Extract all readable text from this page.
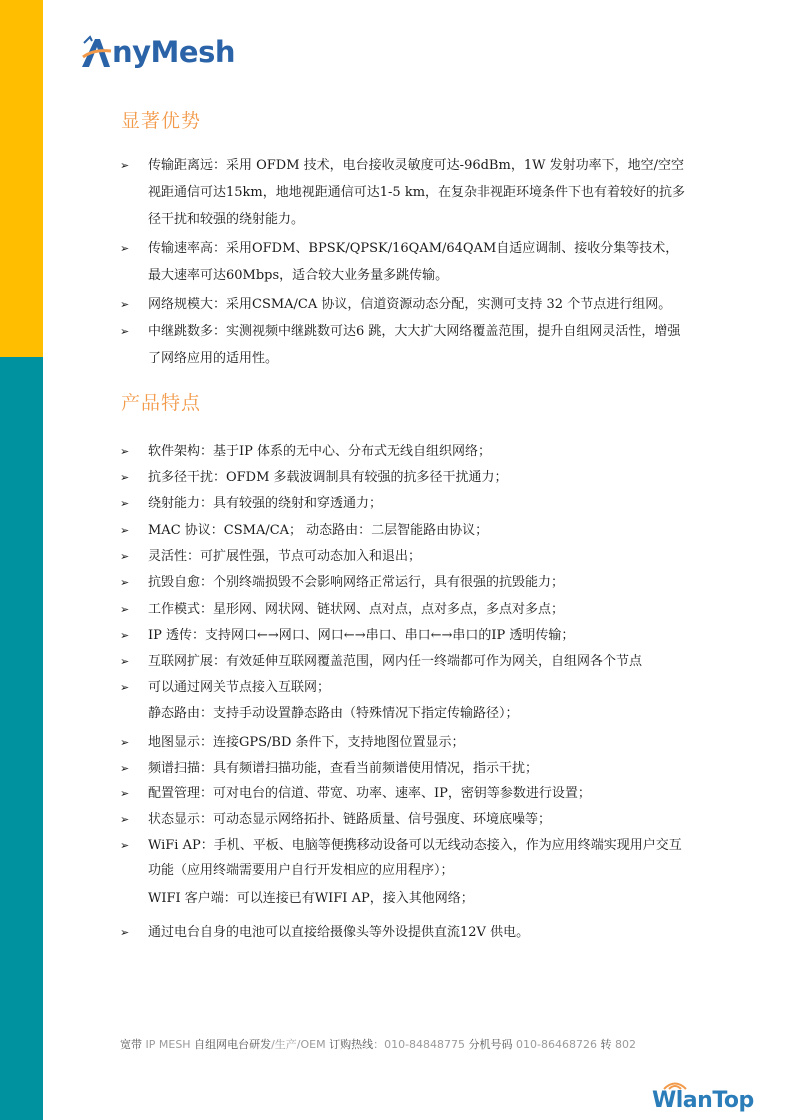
nyMesh
显著优势
➢ 传输距离远：采用 OFDM 技术，电台接收灵敏度可达-96dBm，1W 发射功率下，地空/空空视距通信可达15km，地地视距通信可达1-5 km，在复杂非视距环境条件下也有着较好的抗多径干扰和较强的绕射能力。
➢ 传输速率高：采用OFDM、BPSK/QPSK/16QAM/64QAM自适应调制、接收分集等技术，最大速率可达60Mbps，适合较大业务量多跳传输。
➢ 网络规模大：采用CSMA/CA 协议，信道资源动态分配，实测可支持 32 个节点进行组网。
➢ 中继跳数多：实测视频中继跳数可达6 跳，大大扩大网络覆盖范围，提升自组网灵活性，增强了网络应用的适用性。
产品特点
➢ 软件架构：基于IP 体系的无中心、分布式无线自组织网络；
➢ 抗多径干扰：OFDM 多载波调制具有较强的抗多径干扰通力；
➢ 绕射能力：具有较强的绕射和穿透通力；
➢ MAC 协议：CSMA/CA； 动态路由：二层智能路由协议；
➢ 灵活性：可扩展性强，节点可动态加入和退出；
➢ 抗毁自愈：个别终端损毁不会影响网络正常运行，具有很强的抗毁能力；
➢ 工作模式：星形网、网状网、链状网、点对点，点对多点，多点对多点；
➢ IP 透传：支持网口←→网口、网口←→串口、串口←→串口的IP 透明传输；
➢ 互联网扩展：有效延伸互联网覆盖范围，网内任一终端都可作为网关，自组网各个节点
➢ 可以通过网关节点接入互联网；
静态路由：支持手动设置静态路由（特殊情况下指定传输路径）；
➢ 地图显示：连接GPS/BD 条件下，支持地图位置显示；
➢ 频谱扫描：具有频谱扫描功能，查看当前频谱使用情况，指示干扰；
➢ 配置管理：可对电台的信道、带宽、功率、速率、IP，密钥等参数进行设置；
➢ 状态显示：可动态显示网络拓扑、链路质量、信号强度、环境底噪等；
➢ WiFi AP：手机、平板、电脑等便携移动设备可以无线动态接入，作为应用终端实现用户交互功能（应用终端需要用户自行开发相应的应用程序）；
WIFI 客户端：可以连接已有WIFI AP，接入其他网络；
➢ 通过电台自身的电池可以直接给摄像头等外设提供直流12V 供电。
宽带 IP MESH 自组网电台研发/生产/OEM 订购热线：010-84848775 分机号码 010-86468726 转 802
WlanTop
